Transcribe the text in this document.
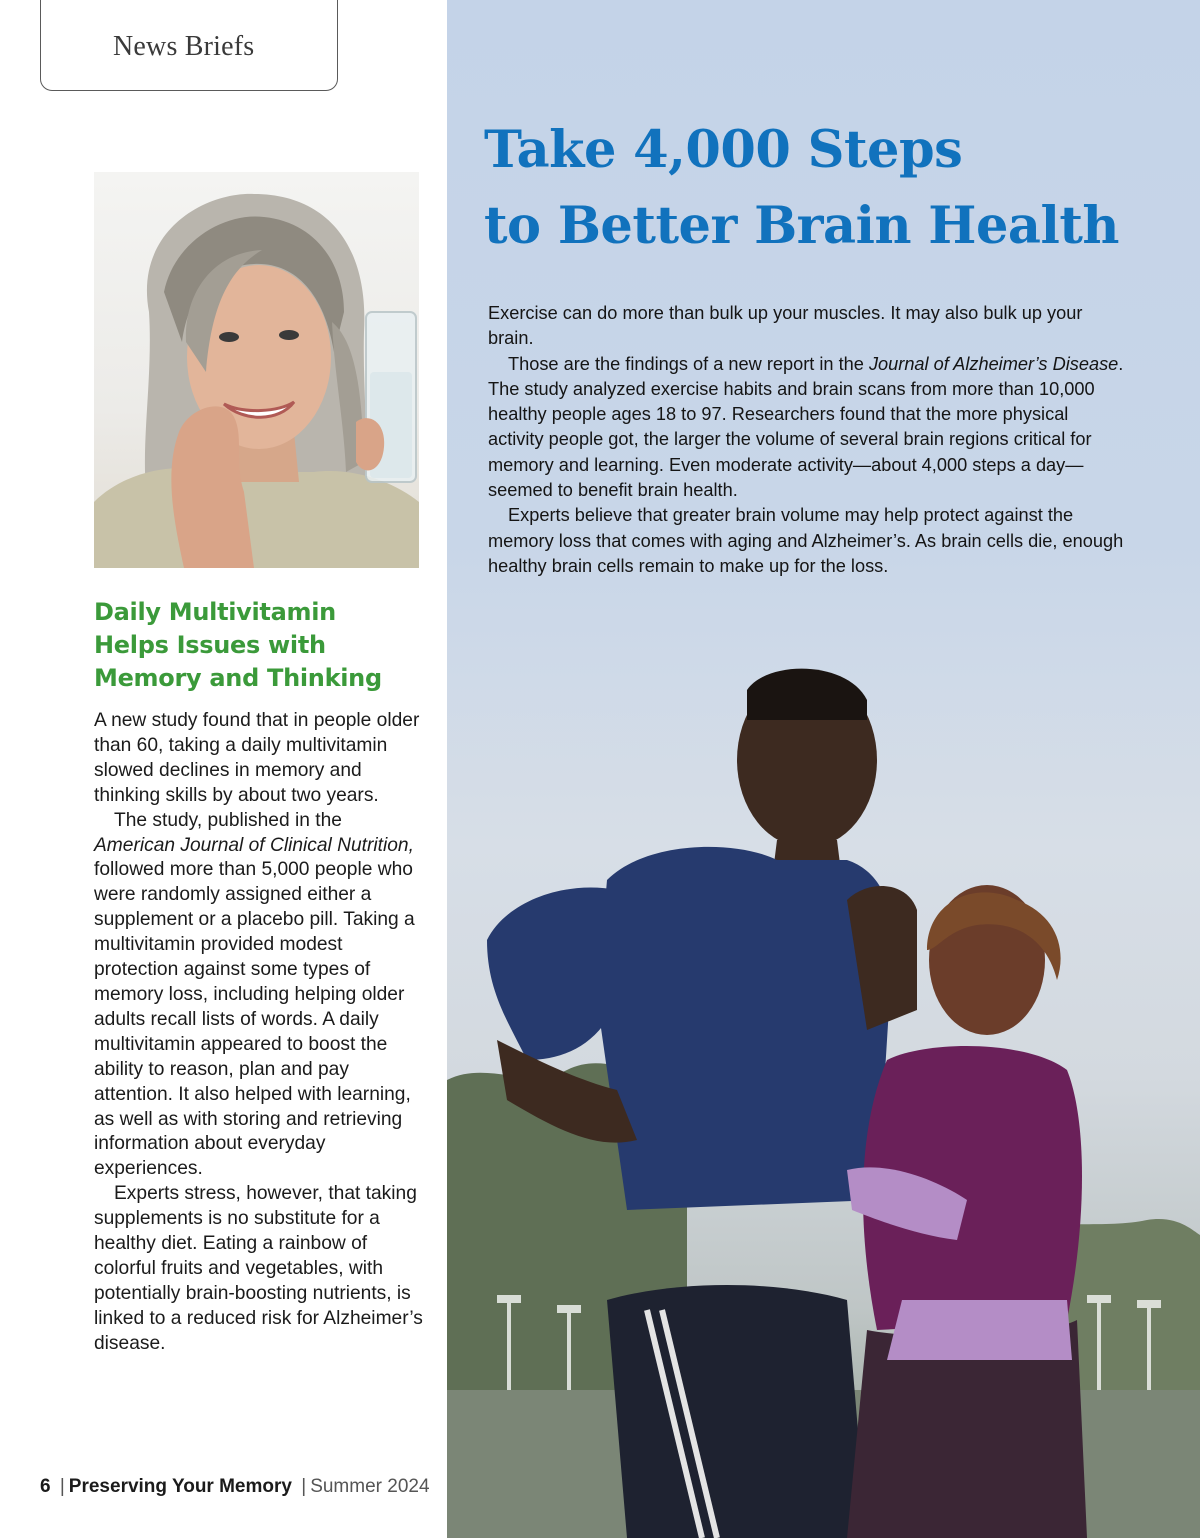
News Briefs
Daily Multivitamin Helps Issues with Memory and Thinking

A new study found that in people older than 60, taking a daily multivitamin slowed declines in memory and thinking skills by about two years.

The study, published in the American Journal of Clinical Nutrition, followed more than 5,000 people who were randomly assigned either a supplement or a placebo pill. Taking a multivitamin provided modest protection against some types of memory loss, including helping older adults recall lists of words. A daily multivitamin appeared to boost the ability to reason, plan and pay attention. It also helped with learning, as well as with storing and retrieving information about everyday experiences.

Experts stress, however, that taking supplements is no substitute for a healthy diet. Eating a rainbow of colorful fruits and vegetables, with potentially brain-boosting nutrients, is linked to a reduced risk for Alzheimer’s disease.

6 | Preserving Your Memory | Summer 2024
Take 4,000 Steps
to Better Brain Health

Exercise can do more than bulk up your muscles. It may also bulk up your brain.

Those are the findings of a new report in the Journal of Alzheimer’s Disease. The study analyzed exercise habits and brain scans from more than 10,000 healthy people ages 18 to 97. Researchers found that the more physical activity people got, the larger the volume of several brain regions critical for memory and learning. Even moderate activity—about 4,000 steps a day—seemed to benefit brain health.

Experts believe that greater brain volume may help protect against the memory loss that comes with aging and Alzheimer’s. As brain cells die, enough healthy brain cells remain to make up for the loss.
